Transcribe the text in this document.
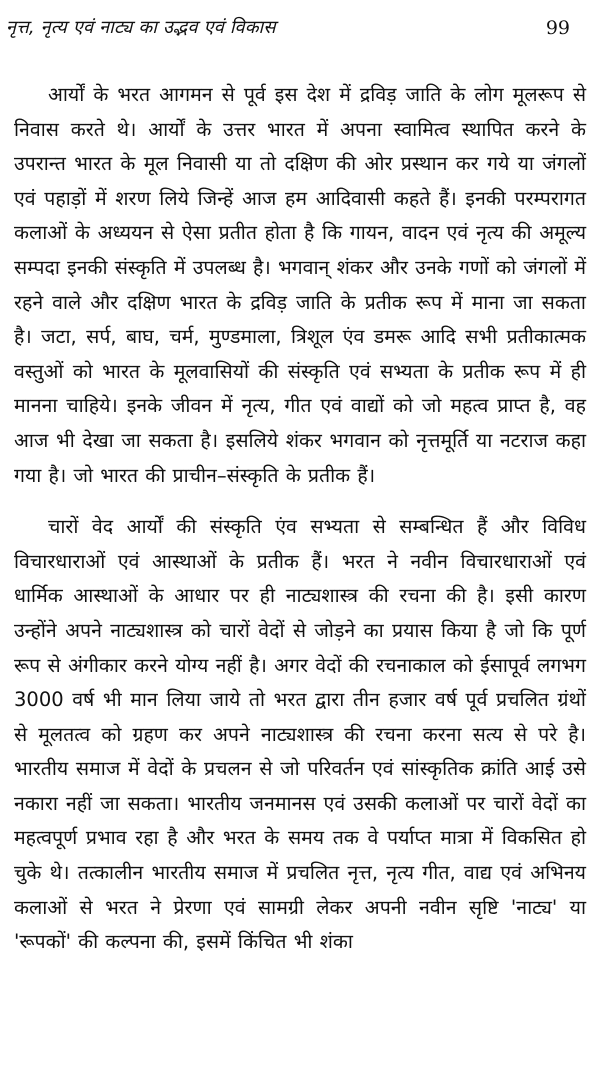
नृत्त, नृत्य एवं नाट्य का उद्भव एवं विकास	99

आर्यों के भरत आगमन से पूर्व इस देश में द्रविड़ जाति के लोग मूलरूप से निवास करते थे। आर्यों के उत्तर भारत में अपना स्वामित्व स्थापित करने के उपरान्त भारत के मूल निवासी या तो दक्षिण की ओर प्रस्थान कर गये या जंगलों एवं पहाड़ों में शरण लिये जिन्हें आज हम आदिवासी कहते हैं। इनकी परम्परागत कलाओं के अध्ययन से ऐसा प्रतीत होता है कि गायन, वादन एवं नृत्य की अमूल्य सम्पदा इनकी संस्कृति में उपलब्ध है। भगवान् शंकर और उनके गणों को जंगलों में रहने वाले और दक्षिण भारत के द्रविड़ जाति के प्रतीक रूप में माना जा सकता है। जटा, सर्प, बाघ, चर्म, मुण्डमाला, त्रिशूल एंव डमरू आदि सभी प्रतीकात्मक वस्तुओं को भारत के मूलवासियों की संस्कृति एवं सभ्यता के प्रतीक रूप में ही मानना चाहिये। इनके जीवन में नृत्य, गीत एवं वाद्यों को जो महत्व प्राप्त है, वह आज भी देखा जा सकता है। इसलिये शंकर भगवान को नृत्तमूर्ति या नटराज कहा गया है। जो भारत की प्राचीन–संस्कृति के प्रतीक हैं।

चारों वेद आर्यों की संस्कृति एंव सभ्यता से सम्बन्धित हैं और विविध विचारधाराओं एवं आस्थाओं के प्रतीक हैं। भरत ने नवीन विचारधाराओं एवं धार्मिक आस्थाओं के आधार पर ही नाट्यशास्त्र की रचना की है। इसी कारण उन्होंने अपने नाट्यशास्त्र को चारों वेदों से जोड़ने का प्रयास किया है जो कि पूर्ण रूप से अंगीकार करने योग्य नहीं है। अगर वेदों की रचनाकाल को ईसापूर्व लगभग 3000 वर्ष भी मान लिया जाये तो भरत द्वारा तीन हजार वर्ष पूर्व प्रचलित ग्रंथों से मूलतत्व को ग्रहण कर अपने नाट्यशास्त्र की रचना करना सत्य से परे है। भारतीय समाज में वेदों के प्रचलन से जो परिवर्तन एवं सांस्कृतिक क्रांति आई उसे नकारा नहीं जा सकता। भारतीय जनमानस एवं उसकी कलाओं पर चारों वेदों का महत्वपूर्ण प्रभाव रहा है और भरत के समय तक वे पर्याप्त मात्रा में विकसित हो चुके थे। तत्कालीन भारतीय समाज में प्रचलित नृत्त, नृत्य गीत, वाद्य एवं अभिनय कलाओं से भरत ने प्रेरणा एवं सामग्री लेकर अपनी नवीन सृष्टि 'नाट्य' या 'रूपकों' की कल्पना की, इसमें किंचित भी शंका
